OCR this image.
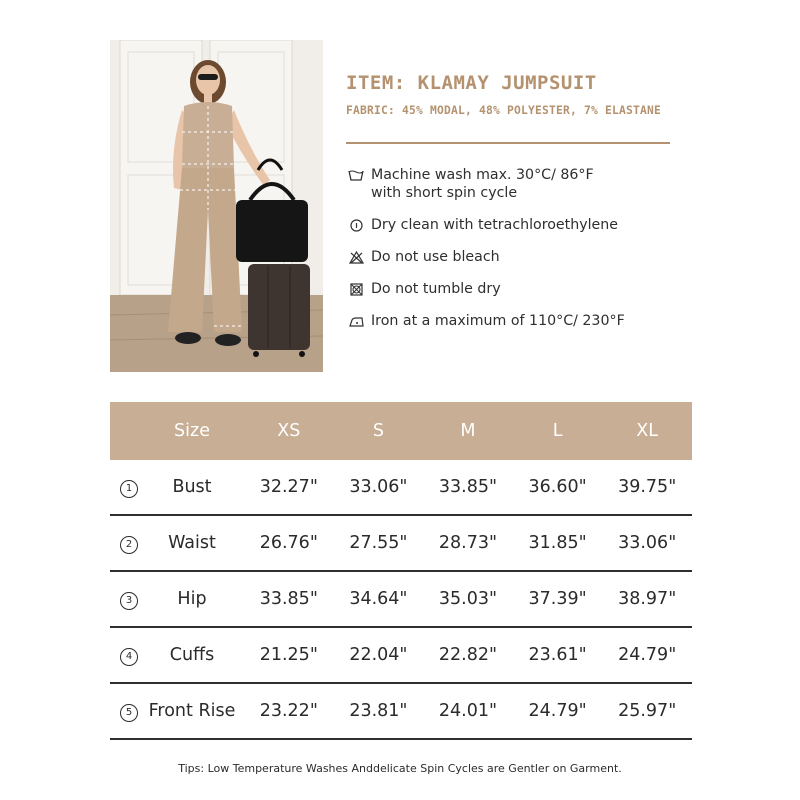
ITEM: KLAMAY JUMPSUIT
FABRIC: 45% MODAL, 48% POLYESTER, 7% ELASTANE
Machine wash max. 30°C/ 86°F
with short spin cycle
Dry clean with tetrachloroethylene
Do not use bleach
Do not tumble dry
Iron at a maximum of 110°C/ 230°F
Size	XS	S	M	L	XL
1	Bust	32.27"	33.06"	33.85"	36.60"	39.75"
2	Waist	26.76"	27.55"	28.73"	31.85"	33.06"
3	Hip	33.85"	34.64"	35.03"	37.39"	38.97"
4	Cuffs	21.25"	22.04"	22.82"	23.61"	24.79"
5 Front Rise	23.22"	23.81"	24.01"	24.79"	25.97"
Tips: Low Temperature Washes Anddelicate Spin Cycles are Gentler on Garment.
